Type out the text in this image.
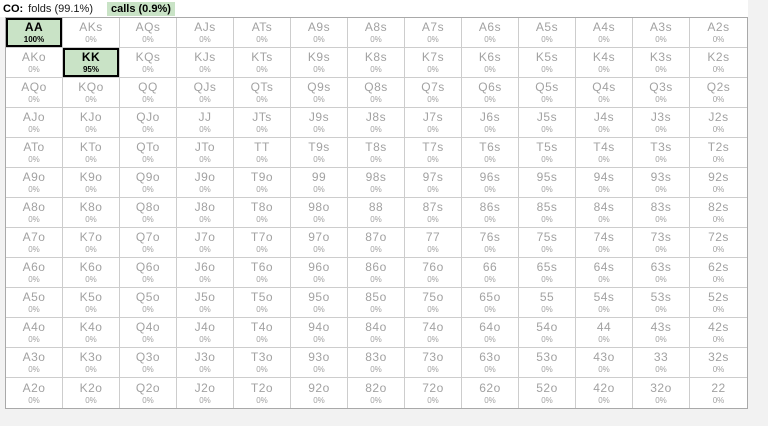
CO: folds (99.1%)	calls (0.9%)
AA
100%
AKs
0%
AQs
0%
AJs
0%
ATs
0%
A9s
0%
A8s
0%
A7s
0%
A6s
0%
A5s
0%
A4s
0%
A3s
0%
A2s
0%
AKo
0%
KK
95%
KQs
0%
KJs
0%
KTs
0%
K9s
0%
K8s
0%
K7s
0%
K6s
0%
K5s
0%
K4s
0%
K3s
0%
K2s
0%
AQo
0%
KQo
0%
QQ
0%
QJs
0%
QTs
0%
Q9s
0%
Q8s
0%
Q7s
0%
Q6s
0%
Q5s
0%
Q4s
0%
Q3s
0%
Q2s
0%
AJo
0%
KJo
0%
QJo
0%
JJ
0%
JTs
0%
J9s
0%
J8s
0%
J7s
0%
J6s
0%
J5s
0%
J4s
0%
J3s
0%
J2s
0%
ATo
0%
KTo
0%
QTo
0%
JTo
0%
TT
0%
T9s
0%
T8s
0%
T7s
0%
T6s
0%
T5s
0%
T4s
0%
T3s
0%
T2s
0%
A9o
0%
K9o
0%
Q9o
0%
J9o
0%
T9o
0%
99
0%
98s
0%
97s
0%
96s
0%
95s
0%
94s
0%
93s
0%
92s
0%
A8o
0%
K8o
0%
Q8o
0%
J8o
0%
T8o
0%
98o
0%
88
0%
87s
0%
86s
0%
85s
0%
84s
0%
83s
0%
82s
0%
A7o
0%
K7o
0%
Q7o
0%
J7o
0%
T7o
0%
97o
0%
87o
0%
77
0%
76s
0%
75s
0%
74s
0%
73s
0%
72s
0%
A6o
0%
K6o
0%
Q6o
0%
J6o
0%
T6o
0%
96o
0%
86o
0%
76o
0%
66
0%
65s
0%
64s
0%
63s
0%
62s
0%
A5o
0%
K5o
0%
Q5o
0%
J5o
0%
T5o
0%
95o
0%
85o
0%
75o
0%
65o
0%
55
0%
54s
0%
53s
0%
52s
0%
A4o
0%
K4o
0%
Q4o
0%
J4o
0%
T4o
0%
94o
0%
84o
0%
74o
0%
64o
0%
54o
0%
44
0%
43s
0%
42s
0%
A3o
0%
K3o
0%
Q3o
0%
J3o
0%
T3o
0%
93o
0%
83o
0%
73o
0%
63o
0%
53o
0%
43o
0%
33
0%
32s
0%
A2o
0%
K2o
0%
Q2o
0%
J2o
0%
T2o
0%
92o
0%
82o
0%
72o
0%
62o
0%
52o
0%
42o
0%
32o
0%
22
0%
